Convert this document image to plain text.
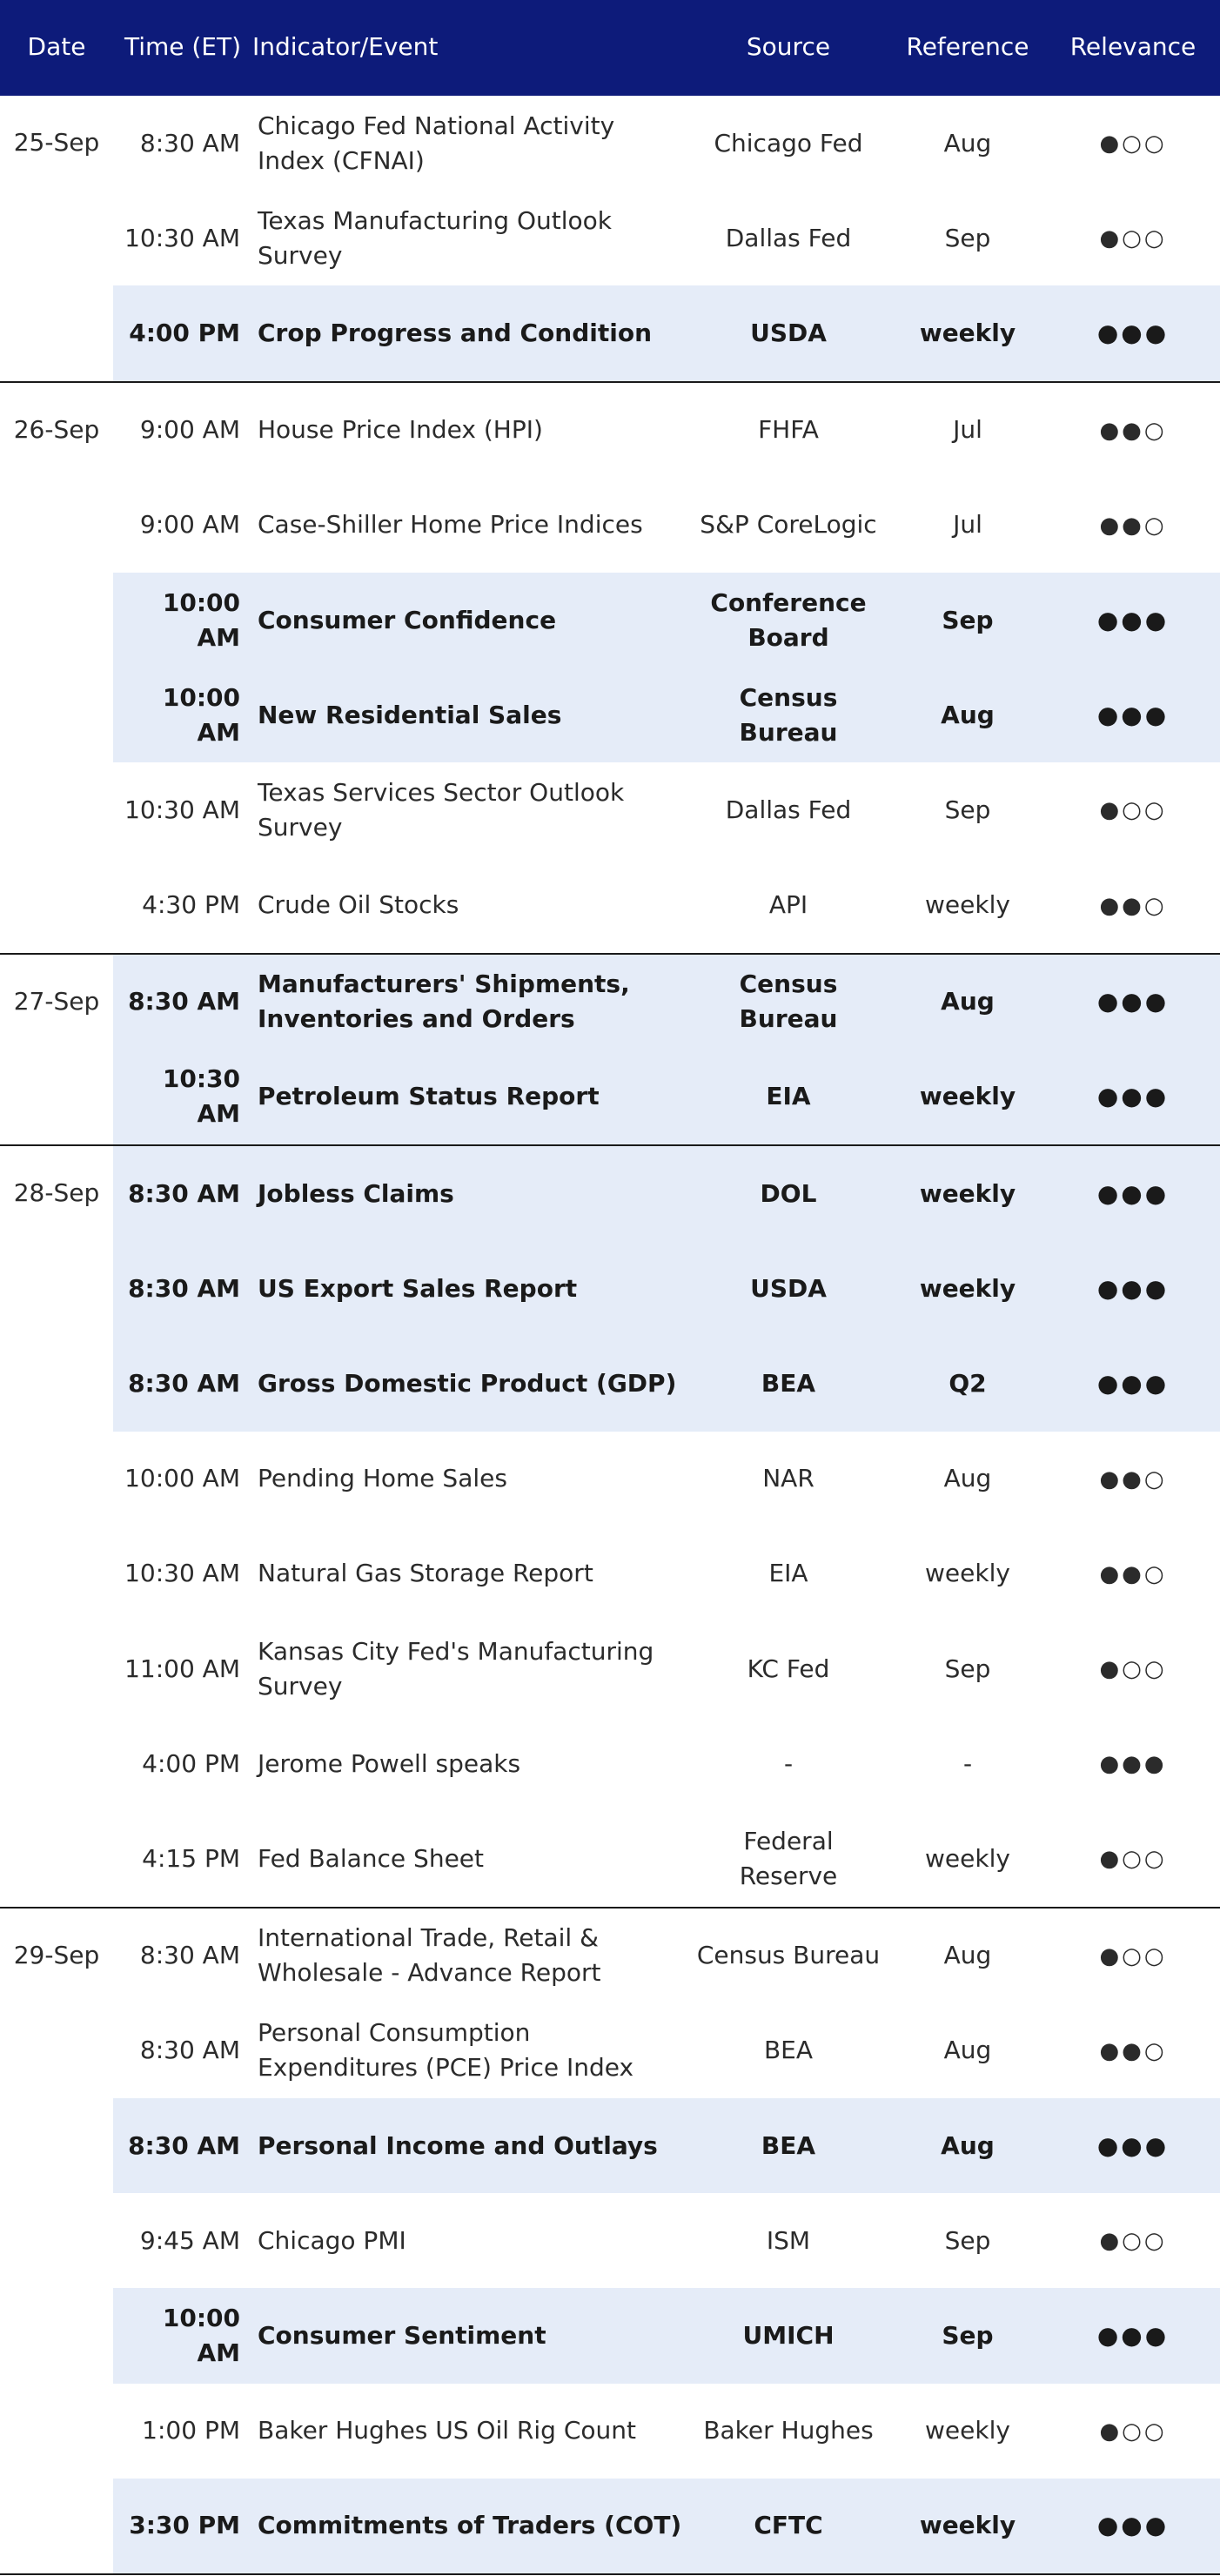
Date	Time (ET)	Indicator/Event	Source	Reference	Relevance

25-Sep	8:30 AM	Chicago Fed National Activity Index (CFNAI)	Chicago Fed	Aug	●○○

	10:30 AM	Texas Manufacturing Outlook Survey	Dallas Fed	Sep	●○○

	4:00 PM	Crop Progress and Condition	USDA	weekly	●●●

26-Sep	9:00 AM	House Price Index (HPI)	FHFA	Jul	●●○

	9:00 AM	Case-Shiller Home Price Indices	S&P CoreLogic	Jul	●●○

	10:00 AM	Consumer Confidence	Conference Board	Sep	●●●

	10:00 AM	New Residential Sales	Census Bureau	Aug	●●●

	10:30 AM	Texas Services Sector Outlook Survey	Dallas Fed	Sep	●○○

	4:30 PM	Crude Oil Stocks	API	weekly	●●○

27-Sep	8:30 AM	Manufacturers' Shipments, Inventories and Orders	Census Bureau	Aug	●●●

	10:30 AM	Petroleum Status Report	EIA	weekly	●●●

28-Sep	8:30 AM	Jobless Claims	DOL	weekly	●●●

	8:30 AM	US Export Sales Report	USDA	weekly	●●●

	8:30 AM	Gross Domestic Product (GDP)	BEA	Q2	●●●

	10:00 AM	Pending Home Sales	NAR	Aug	●●○

	10:30 AM	Natural Gas Storage Report	EIA	weekly	●●○

	11:00 AM	Kansas City Fed's Manufacturing Survey	KC Fed	Sep	●○○

	4:00 PM	Jerome Powell speaks	-	-	●●●

	4:15 PM	Fed Balance Sheet	Federal Reserve	weekly	●○○

29-Sep	8:30 AM	International Trade, Retail & Wholesale - Advance Report	Census Bureau	Aug	●○○

	8:30 AM	Personal Consumption Expenditures (PCE) Price Index	BEA	Aug	●●○

	8:30 AM	Personal Income and Outlays	BEA	Aug	●●●

	9:45 AM	Chicago PMI	ISM	Sep	●○○

	10:00 AM	Consumer Sentiment	UMICH	Sep	●●●

	1:00 PM	Baker Hughes US Oil Rig Count	Baker Hughes	weekly	●○○

	3:30 PM	Commitments of Traders (COT)	CFTC	weekly	●●●
